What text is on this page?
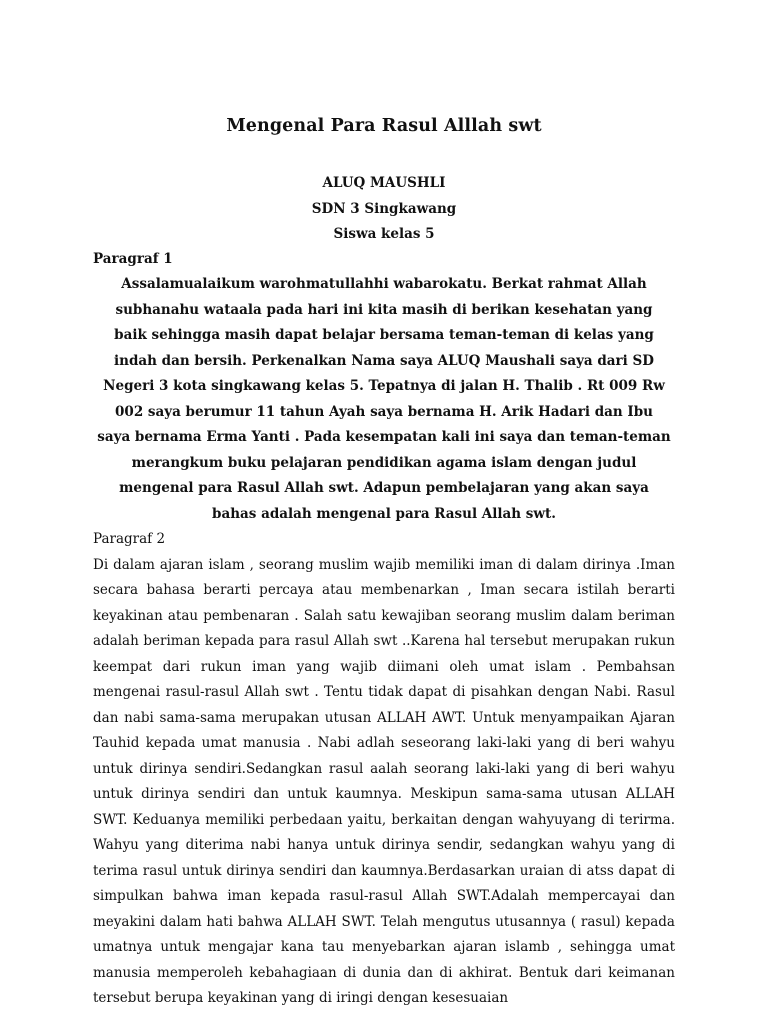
Mengenal Para Rasul Alllah swt
ALUQ MAUSHLI
SDN 3 Singkawang
Siswa kelas 5
Paragraf 1

Assalamualaikum warohmatullahhi wabarokatu. Berkat rahmat Allah subhanahu wataala pada hari ini kita masih di berikan kesehatan yang baik sehingga masih dapat belajar bersama teman-teman di kelas yang indah dan bersih. Perkenalkan Nama saya ALUQ Maushali saya dari SD Negeri 3 kota singkawang kelas 5. Tepatnya di jalan H. Thalib . Rt 009 Rw 002 saya berumur 11 tahun Ayah saya bernama H. Arik Hadari dan Ibu saya bernama Erma Yanti . Pada kesempatan kali ini saya dan teman-teman merangkum buku pelajaran pendidikan agama islam dengan judul mengenal para Rasul Allah swt. Adapun pembelajaran yang akan saya bahas adalah mengenal para Rasul Allah swt.

Paragraf 2

Di dalam ajaran islam , seorang muslim wajib memiliki iman di dalam dirinya .Iman secara bahasa berarti percaya atau membenarkan , Iman secara istilah berarti keyakinan atau pembenaran . Salah satu kewajiban seorang muslim dalam beriman adalah beriman kepada para rasul Allah swt ..Karena hal tersebut merupakan rukun keempat dari rukun iman yang wajib diimani oleh umat islam . Pembahsan mengenai rasul-rasul Allah swt . Tentu tidak dapat di pisahkan dengan Nabi. Rasul dan nabi sama-sama merupakan utusan ALLAH AWT. Untuk menyampaikan Ajaran Tauhid kepada umat manusia . Nabi adlah seseorang laki-laki yang di beri wahyu untuk dirinya sendiri.Sedangkan rasul aalah seorang laki-laki yang di beri wahyu untuk dirinya sendiri dan untuk kaumnya. Meskipun sama-sama utusan ALLAH SWT. Keduanya memiliki perbedaan yaitu, berkaitan dengan wahyuyang di terirma. Wahyu yang diterima nabi hanya untuk dirinya sendir, sedangkan wahyu yang di terima rasul untuk dirinya sendiri dan kaumnya.Berdasarkan uraian di atss dapat di simpulkan bahwa iman kepada rasul-rasul Allah SWT.Adalah mempercayai dan meyakini dalam hati bahwa ALLAH SWT. Telah mengutus utusannya ( rasul) kepada umatnya untuk mengajar kana tau menyebarkan ajaran islamb , sehingga umat manusia memperoleh kebahagiaan di dunia dan di akhirat. Bentuk dari keimanan tersebut berupa keyakinan yang di iringi dengan kesesuaian
